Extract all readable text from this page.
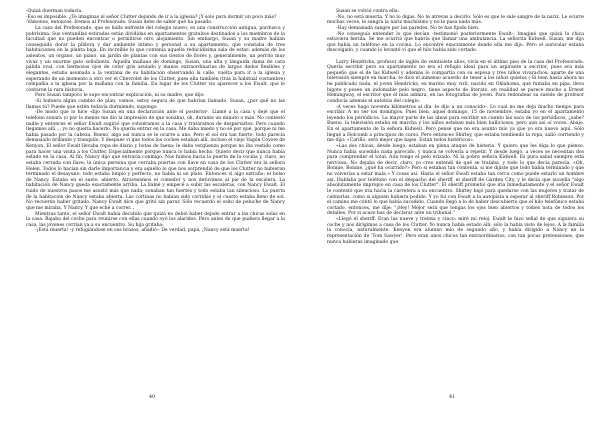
-Quizá duerman todavía.

-Eso es imposible. ¿Te imaginas al señor Clutter dejando de ir a la iglesia? ¡Y solo para dormir un poco más?

-Vámonos, entonces. Iremos al Profesorado. Susan debe de saber qué ha pasado.

La casa del Profesorado, que se halla enfrente del colegio nuevo, es una construcción antigua, parduzca y pobrísima. Sus ventanillas estiradas están divididas en apartamentos gratuitos destinados a los miembros de la facultad que no pueden encontrar o permitirse otro alojamiento. Sin embargo, Susan y su madre habían conseguido dorar la píldora y dar ambiente íntimo y personal a su apartamento, que constaba de tres habitaciones en la planta baja. En increíble lo que contenía aquella reducidísima sala de estar: además de los asientos, un órgano, un piano, un jardín de plantas con sus tiestos de flores y, generalmente, un perrito muy vivaz y un enorme gato soñoliento. Aquella mañana de domingo, Susan, una alta y lánguida dama de cara pálida oval, con hermosos ojos de color gris azulado y manos extraordinarias de largos dedos flexibles y elegantes, estaba asomada a la ventana de su habitación observando la calle, vuelta para ir a la iglesia y esperando de un momento a otro ver el Chevrolet de los Clutter, pues ella también (tras la habitual costumbre) compañía a la iglesia por la mañana con la familia. En lugar de los Clutter vio aparecer a los Ewalt, que le contaron la rara historia.

Pero Susan tampoco le supo encontrar explicación, ni su madre, que dijo:

-Si hubiera algún cambio de plan, vamos, estoy segura de que habrían llamado. Susan, ¿por qué no las llamas tú? Puede que estén todavía durmiendo, supongo.

-De modo que lo hice -dijo Susan en una declaración ante el posterior-. Llamé a la casa y dejé que el teléfono sonara (o por lo menos me dio la impresión de que sonaba), oh, durante un minuto o más. No contestó nadie y entonces el señor Ewalt sugirió que volviéramos a la casa y tratáramos de despertarlos. Pero cuando llegamos allí..., yo no quería hacerlo. No quería entrar en la casa. Me daba miedo y no sé por qué, porque ni me había pasado por la cabeza. Bueno, algo así nunca se le ocurre a uno. Pero el sol era tan fuerte, todo parecía demasiado brillante y tranquilo. Y después vi que todos los coches estaban allí, incluso el viejo Vagón Coyote de Kenyon. El señor Ewalt llevaba ropa de diario y botas de faena; le daba vergüenza porque no iba vestido como para hacer una visita a los Clutter. Especialmente porque nunca lo había hecho. Quiero decir que nunca había estado en la casa. Al fin, Nancy dijo que entraría conmigo. Nos fuimos hacia la puerta de la cocina y, claro, no estaba cerrada con llave; la única persona que cerraba puertas con llave en casa de los Clutter era la señora Helen. Todos lo hacían sin darle importancia y era aquello lo que nos sorprendió de que los Clutter no hubieran terminado el desayuno: todo estaba limpio y perfecto, no había ni un plato. Entonces vi algo extraño: el bolso de Nancy. Estaba en el suelo, abierto. Atravesamos el comedor y nos detuvimos al pie de la escalera. La habitación de Nancy queda exactamente arriba. La llamé y empecé a subir las escaleras, con Nancy Ewalt. El ruido de nuestros pasos me asustó más que nada; sonaban tan fuertes y todo estaba tan silencioso. La puerta de la habitación de Nancy estaba abierta. Las cortinas no habían sido corridas y el cuarto estaba lleno de sol. No recuerdo haber gritado. Nancy Ewalt dice que gritó sin parar. Sólo recuerdo el osito de peluche de Nancy que me miraba. Y Nancy. Y que eché a correr...

Mientras tanto, el señor Ewalt había decidido que quizá no debió haber dejado entrar a las chicas solas en la casa. Bajaba del coche para reunirse con ellas cuando oyó los alaridos. Pero antes de que pudiera llegar a la casa, las jóvenes corrían ya a su encuentro. Su hija gritaba:

-¡Está muerta! -y refugiándose en sus brazos, añadió-: De verdad, papá, ¡Nancy está muerta!

40

Susan se volvió contra ella:

-No, no está muerta. Y no lo digas. No te atrevas a decirlo. Sólo es que le sale sangre de la nariz. Le ocurre muchas veces, le sangra la nariz muchísimo y no le pasa nada más.

-Hay demasiada sangre por las paredes. No te has fijado bien.

-No conseguía entender lo que decían -testimonió posteriormente Ewalt-. Imaginé que quizá la chica estuviera herida. Se me ocurrió que habría que llamar una ambulancia. La señorita Kidwell, Susan, me dijo que había un teléfono en la cocina. Lo encontré exactamente donde ella me dijo. Pero el auricular estaba descolgado, y cuando lo levanté vi que el hilo había sido cortado.

Larry Hendricks, profesor de inglés de veintisiete años, vivía en el último piso de la casa del Profesorado. Quería escribir pero su apartamento no era el refugio ideal para un aspirante a escritor, pues era más pequeño que el de las Kidwell y además lo compartía con su esposa y tres niños vivarachos; aparte de una televisión siempre en marcha, te dice el inmenso acuerdo de tener a los niños quietos (-Si bien hasta ahora no he publicado nada, el joven Hendricks, ex marino muy viril, nacido en Oklahoma, que fumaba en pipa, lleva bigote y posee un indomable pelo negro, tiene aspecto de literato, en realidad se parece mucho a Ernest Hemingway, el escritor que él más admira, en las fotografías de joven. Para redondear su sueldo de profesor conducía además el autobús del colegio.

-A veces hago noventa kilómetros al día -le dijo a un conocido-. Lo cual no me deja mucho tiempo para escribir. A no ser los domingos. Pues bien, aquel domingo, 15 de noviembre, estaba yo en el apartamento leyendo los periódicos. La mayor parte de las ideas para escribir un cuento las saco de los periódicos, ¿sabe? Bueno, la televisión estaba en marcha y los niños estaban más bien bulliciosos, pero aun así oí voces. Abajo. En el apartamento de la señora Kidwell. Pero pensé que no era asunto mío ya que yo era nuevo aquí. Sólo llegué a Holcomb a principios de curso. Pero entonces Shirley, que estaba tendiendo la ropa, salió corriendo y me dijo: «Cariño, será mejor que bajes. Están todos histéricos».

«Las dos chicas, desde luego, estaban en plena ataque de histeria. Y quiero que les diga lo que pienso. Nunca había sucedido nada parecido, y nunca se volvería a repetir. Y desde luego, a veces se necesitan dos para comprender el total. Aún tengo el pelo erizado. Ni la pobre señora Kidwell. Es pura salud siempre está nerviosa. No dejaba de decir, claro, yo creo entendí de qué se trataba, y todo lo que decía parecía. «Oh, Bonnie, Bonnie, ¿qué ha ocurrido?» Pero si estabas tan contenta, si me dijiste que todo había terminado y que no volverías a estar mala.» Y cosas así. Hasta el señor Ewalt estaba tan cerca como puede estarlo un hombre así. Hablaba por teléfono con el despacho del sheriff, el sheriff de Garden City, y le decía que sucedía "algo absolutamente impropio en casa de los Clutter". El sheriff prometió que iría inmediatamente y el señor Ewalt le contestó que iría hacia la carretera a su encuentro. Shirley bajó para quedarse con las mujeres y tratar de calmarlas, como si alguien hubiera podido. Y yo fui con Ewalt a la autopista a esperar al sheriff Robinson. Por el camino me contó lo que había sucedido. Cuando llegó a lo de haber descubierto que el hilo telefónico estaba cortado, entonces, me dije: "¡Hey! Mejor será que tengas los ojos bien abiertos y tomes nota de todos los detalles. Por si acaso has de declarar ante un tribunal."

«Llegó el sheriff. Eran las nueve y treinta y cinco: miré mi reloj. Ewalt le hizo señal de que siguiera su coche y nos dirigimos a casa de los Clutter. Yo nunca había estado allí; sólo la había visto de lejos. A la familia la conocía, naturalmente. Kenyon era alumno mío de segundo año, y había dirigido a Nancy en la representación de 'Tom Sawyer'. Pero eran unos chicos tan extraordinarios, con tan pocas pretensiones, que nunca hubieras imaginado que

41
